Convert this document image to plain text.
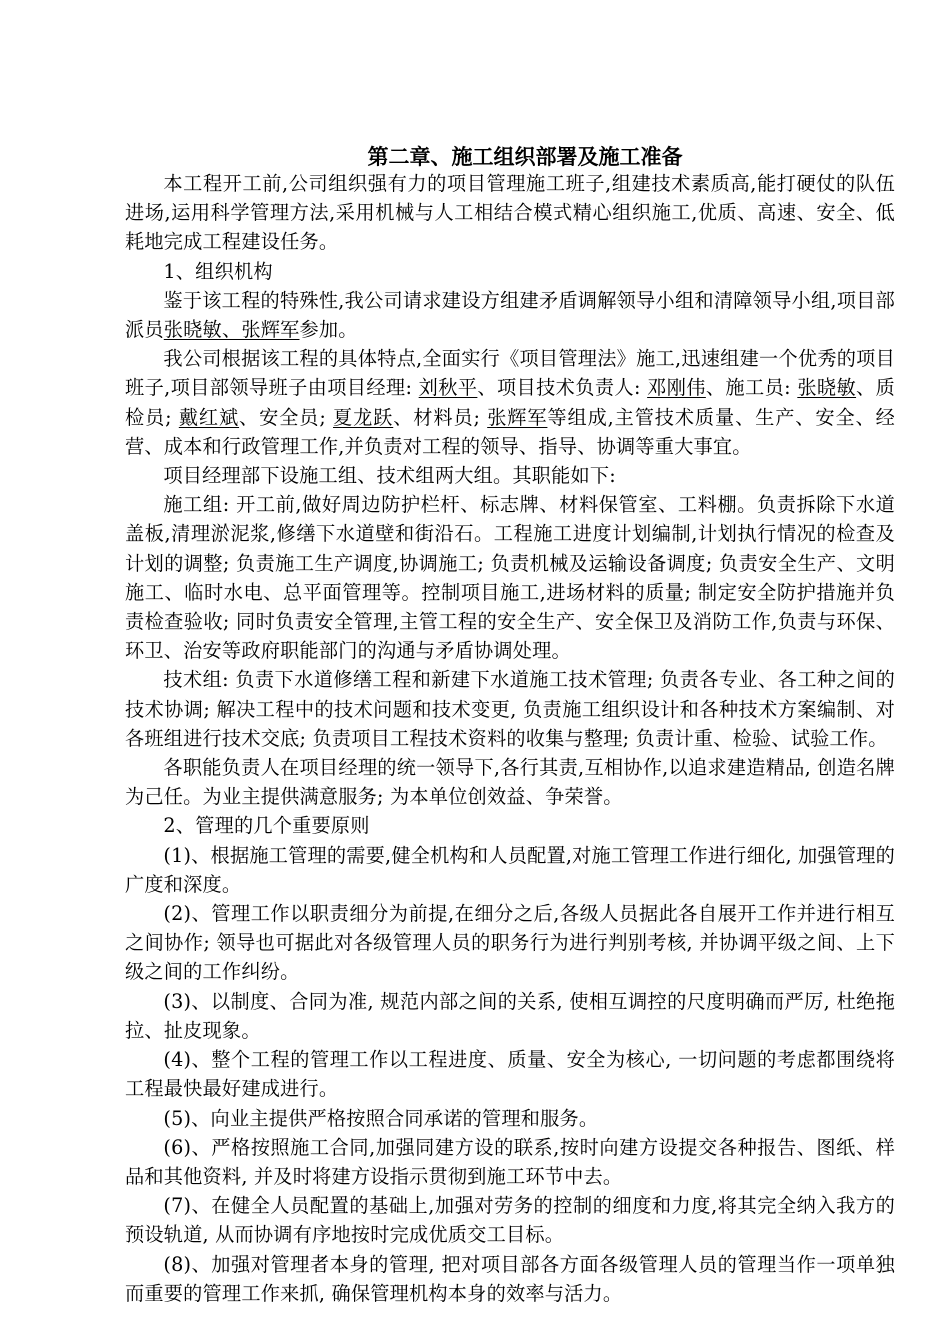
第二章、施工组织部署及施工准备

本工程开工前,公司组织强有力的项目管理施工班子,组建技术素质高,能打硬仗的队伍进场,运用科学管理方法,采用机械与人工相结合模式精心组织施工,优质、高速、安全、低耗地完成工程建设任务。

1、组织机构

鉴于该工程的特殊性,我公司请求建设方组建矛盾调解领导小组和清障领导小组,项目部派员张晓敏、张辉军参加。

我公司根据该工程的具体特点,全面实行《项目管理法》施工,迅速组建一个优秀的项目班子,项目部领导班子由项目经理: 刘秋平、项目技术负责人: 邓刚伟、施工员: 张晓敏、质检员; 戴红斌、安全员; 夏龙跃、材料员; 张辉军等组成,主管技术质量、生产、安全、经营、成本和行政管理工作,并负责对工程的领导、指导、协调等重大事宜。

项目经理部下设施工组、技术组两大组。其职能如下:

施工组: 开工前,做好周边防护栏杆、标志牌、材料保管室、工料棚。负责拆除下水道盖板,清理淤泥浆,修缮下水道壁和街沿石。工程施工进度计划编制,计划执行情况的检查及计划的调整; 负责施工生产调度,协调施工; 负责机械及运输设备调度; 负责安全生产、文明施工、临时水电、总平面管理等。控制项目施工,进场材料的质量; 制定安全防护措施并负责检查验收; 同时负责安全管理,主管工程的安全生产、安全保卫及消防工作,负责与环保、环卫、治安等政府职能部门的沟通与矛盾协调处理。

技术组: 负责下水道修缮工程和新建下水道施工技术管理; 负责各专业、各工种之间的技术协调; 解决工程中的技术问题和技术变更, 负责施工组织设计和各种技术方案编制、对各班组进行技术交底; 负责项目工程技术资料的收集与整理; 负责计重、检验、试验工作。

各职能负责人在项目经理的统一领导下,各行其责,互相协作,以追求建造精品, 创造名牌为己任。为业主提供满意服务; 为本单位创效益、争荣誉。

2、管理的几个重要原则

(1)、根据施工管理的需要,健全机构和人员配置,对施工管理工作进行细化, 加强管理的广度和深度。

(2)、管理工作以职责细分为前提,在细分之后,各级人员据此各自展开工作并进行相互之间协作; 领导也可据此对各级管理人员的职务行为进行判别考核, 并协调平级之间、上下级之间的工作纠纷。

(3)、以制度、合同为准, 规范内部之间的关系, 使相互调控的尺度明确而严厉, 杜绝拖拉、扯皮现象。

(4)、整个工程的管理工作以工程进度、质量、安全为核心, 一切问题的考虑都围绕将工程最快最好建成进行。

(5)、向业主提供严格按照合同承诺的管理和服务。

(6)、严格按照施工合同,加强同建方设的联系,按时向建方设提交各种报告、图纸、样品和其他资料, 并及时将建方设指示贯彻到施工环节中去。

(7)、在健全人员配置的基础上,加强对劳务的控制的细度和力度,将其完全纳入我方的预设轨道, 从而协调有序地按时完成优质交工目标。

(8)、加强对管理者本身的管理, 把对项目部各方面各级管理人员的管理当作一项单独而重要的管理工作来抓, 确保管理机构本身的效率与活力。
